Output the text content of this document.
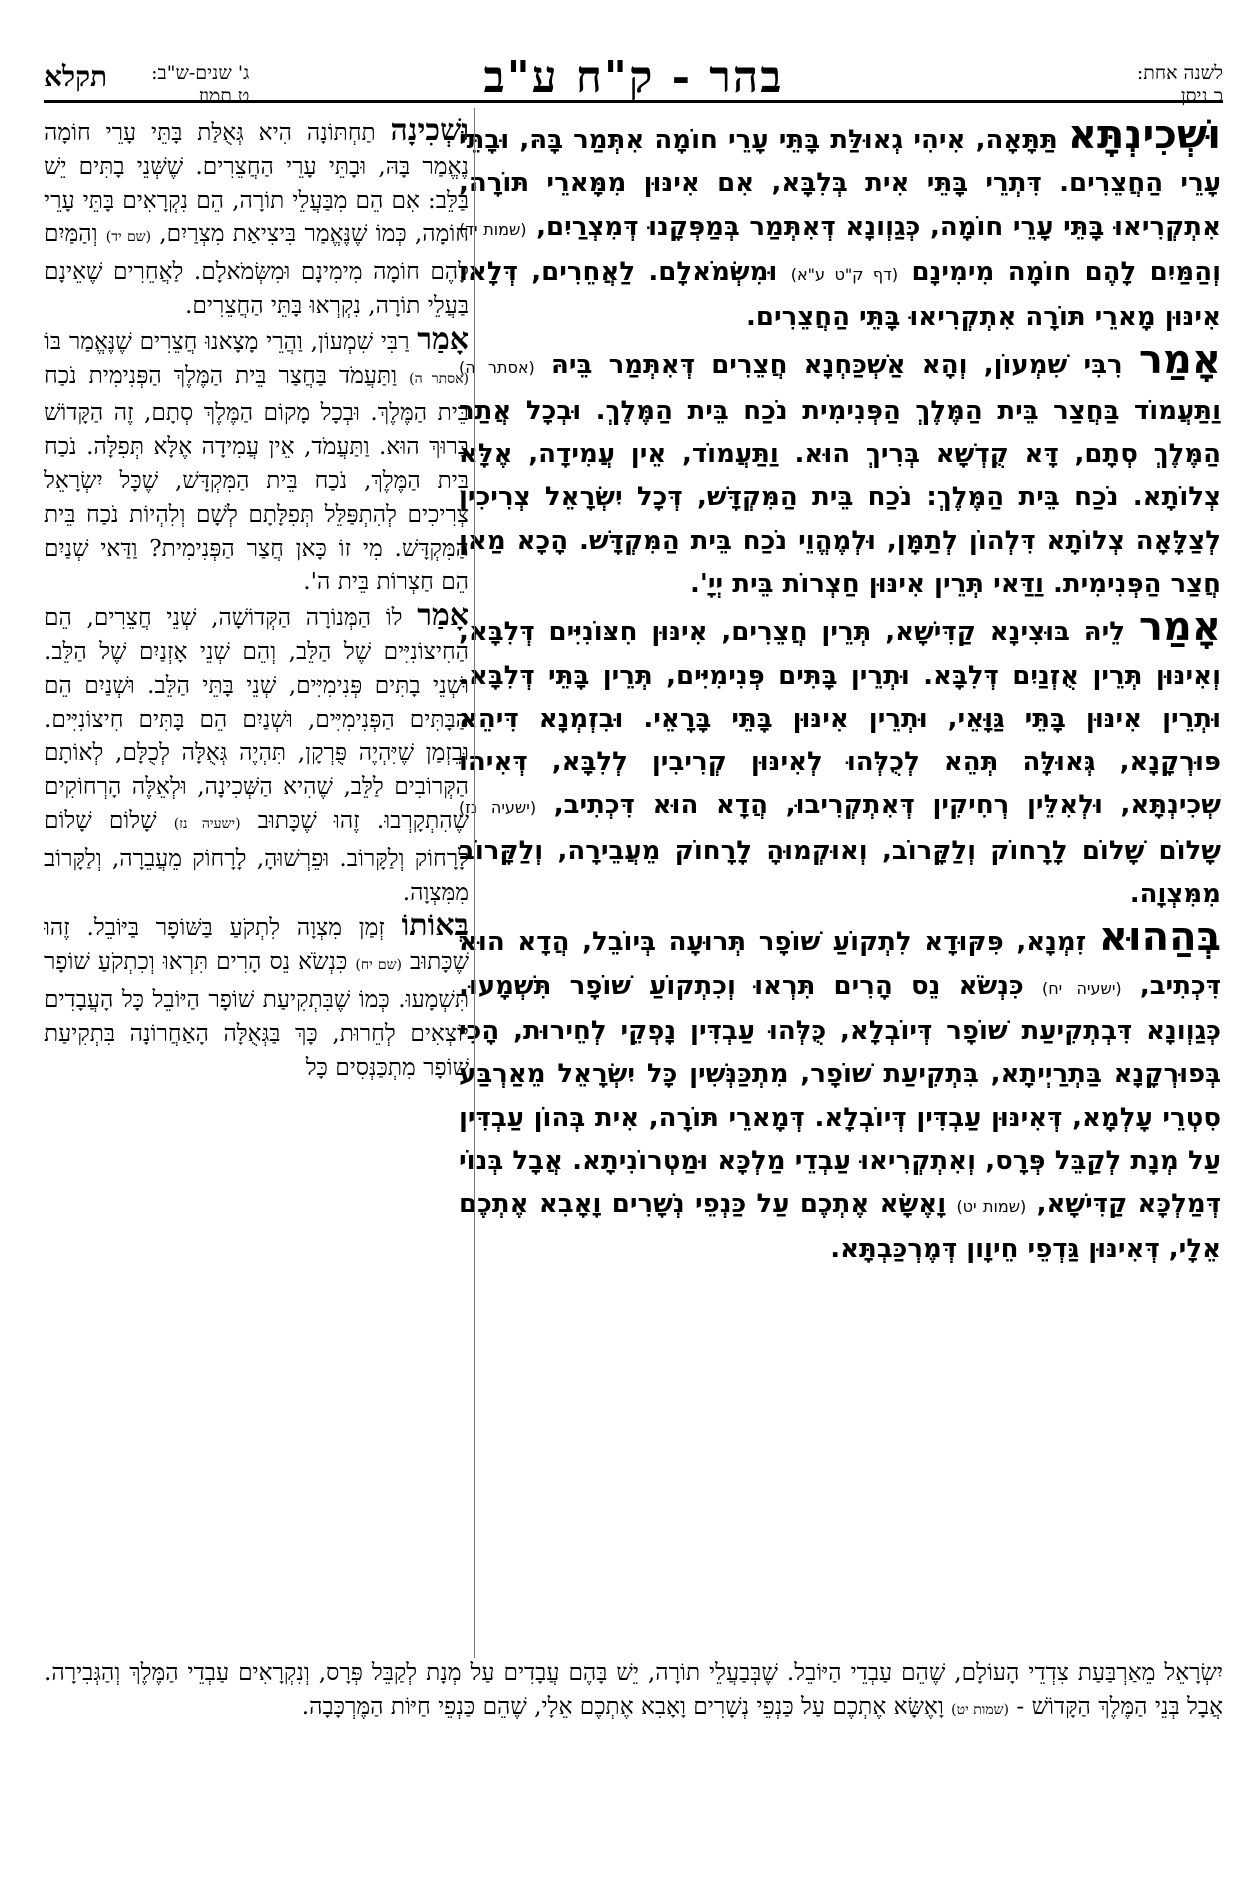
לשנה אחת:
כ ניסן
בהר - ק"ח ע"ב
ג' שנים-ש"ב:
ט תמוז
תקלא

וּשְׁכִינְתָּא תַּתָּאָה, אִיהִי גְאוּלַּת בָּתֵּי עָרֵי חוֹמָה אִתְּמַר בָּהּ, וּבָתֵּי עָרֵי הַחֲצֵרִים. דִּתְרֵי בָּתֵּי אִית בְּלִבָּא, אִם אִינּוּן מִמָּארֵי תּוֹרָה, אִתְקְרִיאוּ בָּתֵּי עָרֵי חוֹמָה, כְּגַוְונָא דְּאִתְּמַר בְּמַפְּקָנוּ דְּמִצְרַיִם, (שמות יד) וְהַמַּיִם לָהֶם חוֹמָה מִימִינָם (דף ק"ט ע"א) וּמִשְּׂמֹאלָם. לַאֲחֵרִים, דְּלָאו אִינּוּן מָארֵי תּוֹרָה אִתְקְרִיאוּ בָּתֵּי הַחֲצֵרִים.

אָמַר רִבִּי שִׁמְעוֹן, וְהָא אַשְׁכַּחְנָא חֲצֵרִים דְּאִתְּמַר בֵּיהּ (אסתר ה) וַתַּעֲמוֹד בַּחֲצַר בֵּית הַמֶּלֶךְ הַפְּנִימִית נֹכַח בֵּית הַמֶּלֶךְ. וּבְכָל אֲתַר הַמֶּלֶךְ סְתָם, דָּא קֻדְשָׁא בְּרִיךְ הוּא. וַתַּעֲמוֹד, אֵין עֲמִידָה, אֶלָּא צְלוֹתָא. נֹכַח בֵּית הַמֶּלֶךְ: נֹכַח בֵּית הַמִּקְדָּשׁ, דְּכָל יִשְׂרָאֵל צְרִיכִין לְצַלָּאָה צְלוֹתָא דִּלְהוֹן לְתַמָּן, וּלְמֶהֱוֵי נֹכַח בֵּית הַמִּקְדָּשׁ. הָכָא מַאן חֲצַר הַפְּנִימִית. וַדַּאי תְּרֵין אִינּוּן חַצְרוֹת בֵּית יְיָ'.

אָמַר לֵיהּ בּוּצִינָא קַדִּישָׁא, תְּרֵין חֲצֵרִים, אִינּוּן חִצּוֹנִיִּים דְּלִבָּא, וְאִינּוּן תְּרֵין אֻזְנַיִם דְּלִבָּא. וּתְרֵין בָּתִּים פְּנִימִיִּים, תְּרֵין בָּתֵּי דְּלִבָּא. וּתְרֵין אִינּוּן בָּתֵּי גַּוָּאֵי, וּתְרֵין אִינּוּן בָּתֵּי בָּרָאֵי. וּבִזְמְנָא דִּיהֵא פּוּרְקָנָא, גְּאוּלָּה תְּהֵא לְכֻלְּהוּ לְאִינּוּן קְרִיבִין לְלִבָּא, דְּאִיהוּ שְׁכִינְתָּא, וּלְאִלֵּין רְחִיקִין דְּאִתְקְרִיבוּ, הֲדָא הוּא דִּכְתִיב, (ישעיה נז) שָׁלוֹם שָׁלוֹם לָרָחוֹק וְלַקָּרוֹב, וְאוּקְמוּהָ לָרָחוֹק מֵעֲבֵירָה, וְלַקָּרוֹב מִמִּצְוָה.

בְּהַהוּא זִמְנָא, פִּקּוּדָא לִתְקוֹעַ שׁוֹפָר תְּרוּעָה בְּיוֹבֵל, הֲדָא הוּא דִּכְתִיב, (ישעיה יח) כִּנְשֹׂא נֵס הָרִים תִּרְאוּ וְכִתְקוֹעַ שׁוֹפָר תִּשְׁמָעוּ. כְּגַוְונָא דִּבְתְקִיעַת שׁוֹפָר דְּיוֹבְלָא, כֻּלְּהוּ עַבְדִּין נָפְקֵי לְחֵירוּת, הָכִי בְּפוּרְקָנָא בַּתְרַיְיתָא, בִּתְקִיעַת שׁוֹפָר, מִתְכַּנְּשִׁין כָּל יִשְׂרָאֵל מֵאַרְבַּע סִטְרֵי עָלְמָא, דְּאִינּוּן עַבְדִּין דְּיוֹבְלָא. דְּמָארֵי תּוֹרָה, אִית בְּהוֹן עַבְדִּין עַל מְנָת לְקַבֵּל פְּרָס, וְאִתְקְרִיאוּ עַבְדֵי מַלְכָּא וּמַטְרוֹנִיתָא. אֲבָל בְּנוֹי דְּמַלְכָּא קַדִּישָׁא, (שמות יט) וָאֶשָּׂא אֶתְכֶם עַל כַּנְפֵי נְשָׁרִים וָאָבִא אֶתְכֶם אֵלָי, דְּאִינּוּן גַּדְפֵי חֵיוָון דְּמֶרְכַּבְתָּא.

וּשְׁכִינָה תַחְתּוֹנָה הִיא גְּאֻלַּת בָּתֵּי עָרֵי חוֹמָה נֶאֱמַר בָּהּ, וּבָתֵּי עָרֵי הַחֲצֵרִים. שֶׁשְּׁנֵי בָתִּים יֵשׁ בַּלֵּב: אִם הֵם מִבַּעֲלֵי תוֹרָה, הֵם נִקְרָאִים בָּתֵּי עָרֵי חוֹמָה, כְּמוֹ שֶׁנֶּאֱמַר בִּיצִיאַת מִצְרַיִם, (שם יד) וְהַמַּיִם לָהֶם חוֹמָה מִימִינָם וּמִשְּׂמֹאלָם. לַאֲחֵרִים שֶׁאֵינָם בַּעֲלֵי תוֹרָה, נִקְרְאוּ בָּתֵּי הַחֲצֵרִים.

אָמַר רַבִּי שִׁמְעוֹן, וַהֲרֵי מָצָאנוּ חֲצֵרִים שֶׁנֶּאֱמַר בּוֹ (אסתר ה) וַתַּעֲמֹד בַּחֲצַר בֵּית הַמֶּלֶךְ הַפְּנִימִית נֹכַח בֵּית הַמֶּלֶךְ. וּבְכָל מָקוֹם הַמֶּלֶךְ סְתָם, זֶה הַקָּדוֹשׁ בָּרוּךְ הוּא. וַתַּעֲמֹד, אֵין עֲמִידָה אֶלָּא תְּפִלָּה. נֹכַח בֵּית הַמֶּלֶךְ, נֹכַח בֵּית הַמִּקְדָּשׁ, שֶׁכָּל יִשְׂרָאֵל צְרִיכִים לְהִתְפַּלֵּל תְּפִלָּתָם לְשָׁם וְלִהְיוֹת נֹכַח בֵּית הַמִּקְדָּשׁ. מִי זוֹ כָּאן חֲצַר הַפְּנִימִית? וַדַּאי שְׁנַיִם הֵם חַצְרוֹת בֵּית ה'.

אָמַר לוֹ הַמְּנוֹרָה הַקְּדוֹשָׁה, שְׁנֵי חֲצֵרִים, הֵם הַחִיצוֹנִיִּים שֶׁל הַלֵּב, וְהֵם שְׁנֵי אָזְנַיִם שֶׁל הַלֵּב. וּשְׁנֵי בָתִּים פְּנִימִיִּים, שְׁנֵי בָּתֵּי הַלֵּב. וּשְׁנַיִם הֵם הַבָּתִּים הַפְּנִימִיִּים, וּשְׁנַיִם הֵם בָּתִּים חִיצוֹנִיִּים. וּבִזְמַן שֶׁיִּהְיֶה פֻּרְקָן, תִּהְיֶה גְּאֻלָּה לְכֻלָּם, לְאוֹתָם הַקְּרוֹבִים לַלֵּב, שֶׁהִיא הַשְּׁכִינָה, וּלְאֵלֶּה הָרְחוֹקִים שֶׁהִתְקָרְבוּ. זֶהוּ שֶׁכָּתוּב (ישעיה נז) שָׁלוֹם שָׁלוֹם לָרָחוֹק וְלַקָּרוֹב. וּפֵרְשׁוּהָ, לָרָחוֹק מֵעֲבֵרָה, וְלַקָּרוֹב מִמִּצְוָה.

בְּאוֹתוֹ זְמַן מִצְוָה לִתְקֹעַ בַּשּׁוֹפָר בַּיּוֹבֵל. זֶהוּ שֶׁכָּתוּב (שם יח) כִּנְשֹׂא נֵס הָרִים תִּרְאוּ וְכִתְקֹעַ שׁוֹפָר תִּשְׁמָעוּ. כְּמוֹ שֶׁבִּתְקִיעַת שׁוֹפָר הַיּוֹבֵל כָּל הָעֲבָדִים יוֹצְאִים לְחֵרוּת, כָּךְ בַּגְּאֻלָּה הָאַחֲרוֹנָה בִּתְקִיעַת שׁוֹפָר מִתְכַּנְּסִים כָּל

יִשְׂרָאֵל מֵאַרְבַּעַת צִדְדֵי הָעוֹלָם, שֶׁהֵם עַבְדֵי הַיּוֹבֵל. שֶׁבְּבַעֲלֵי תוֹרָה, יֵשׁ בָּהֶם עֲבָדִים עַל מְנָת לְקַבֵּל פְּרָס, וְנִקְרָאִים עַבְדֵי הַמֶּלֶךְ וְהַגְּבִירָה. אֲבָל בְּנֵי הַמֶּלֶךְ הַקָּדוֹשׁ - (שמות יט) וָאֶשָּׂא אֶתְכֶם עַל כַּנְפֵי נְשָׁרִים וָאָבִא אֶתְכֶם אֵלָי, שֶׁהֵם כַּנְפֵי חַיּוֹת הַמֶּרְכָּבָה.
